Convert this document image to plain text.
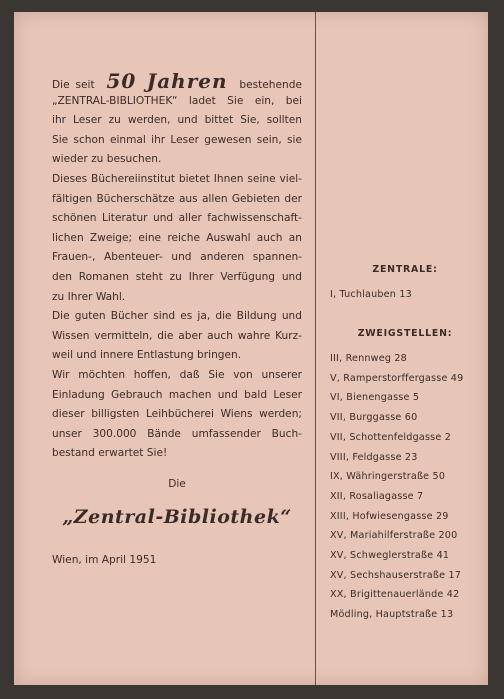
Die seit 50 Jahren bestehende
„ZENTRAL-BIBLIOTHEK“ ladet Sie ein, bei
ihr Leser zu werden, und bittet Sie, sollten
Sie schon einmal ihr Leser gewesen sein, sie
wieder zu besuchen.
Dieses Büchereiinstitut bietet Ihnen seine viel-
fältigen Bücherschätze aus allen Gebieten der
schönen Literatur und aller fachwissenschaft-
lichen Zweige; eine reiche Auswahl auch an
Frauen-, Abenteuer- und anderen spannen-
den Romanen steht zu Ihrer Verfügung und
zu Ihrer Wahl.
Die guten Bücher sind es ja, die Bildung und
Wissen vermitteln, die aber auch wahre Kurz-
weil und innere Entlastung bringen.
Wir möchten hoffen, daß Sie von unserer
Einladung Gebrauch machen und bald Leser
dieser billigsten Leihbücherei Wiens werden;
unser 300.000 Bände umfassender Buch-
bestand erwartet Sie!
Die
„Zentral-Bibliothek“
Wien, im April 1951
ZENTRALE:
I, Tuchlauben 13
ZWEIGSTELLEN:
III, Rennweg 28
V, Ramperstorffergasse 49
VI, Bienengasse 5
VII, Burggasse 60
VII, Schottenfeldgasse 2
VIII, Feldgasse 23
IX, Währingerstraße 50
XII, Rosaliagasse 7
XIII, Hofwiesengasse 29
XV, Mariahilferstraße 200
XV, Schweglerstraße 41
XV, Sechshauserstraße 17
XX, Brigittenauerlände 42
Mödling, Hauptstraße 13
